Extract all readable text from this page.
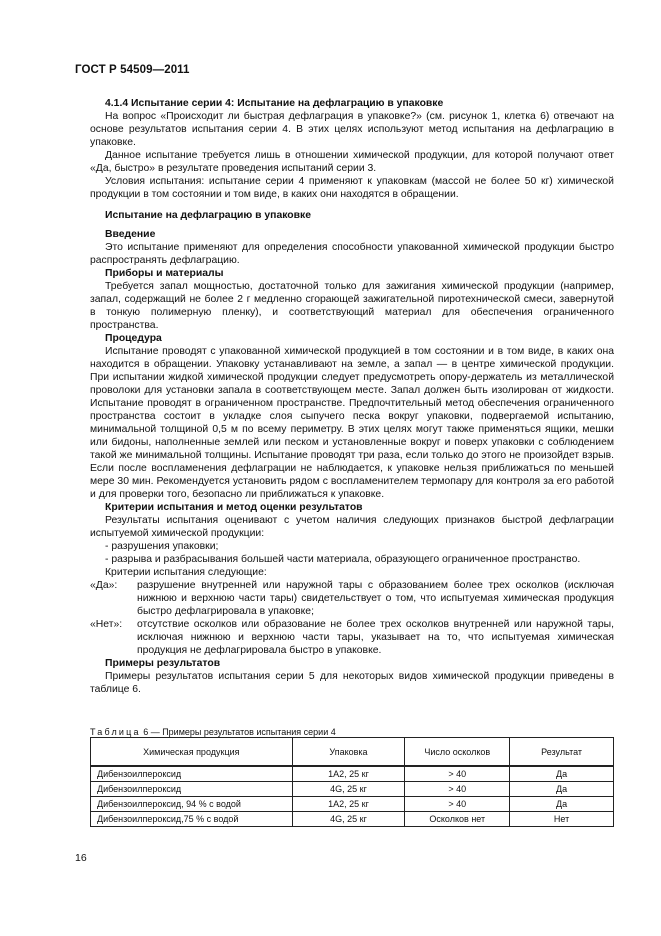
ГОСТ Р 54509—2011
4.1.4 Испытание серии 4: Испытание на дефлаграцию в упаковке

На вопрос «Происходит ли быстрая дефлаграция в упаковке?» (см. рисунок 1, клетка 6) отвечают на основе результатов испытания серии 4. В этих целях используют метод испытания на дефлаграцию в упаковке.

Данное испытание требуется лишь в отношении химической продукции, для которой получают ответ «Да, быстро» в результате проведения испытаний серии 3.

Условия испытания: испытание серии 4 применяют к упаковкам (массой не более 50 кг) химической продукции в том состоянии и том виде, в каких они находятся в обращении.

Испытание на дефлаграцию в упаковке
Введение

Это испытание применяют для определения способности упакованной химической продукции быстро распространять дефлаграцию.

Приборы и материалы

Требуется запал мощностью, достаточной только для зажигания химической продукции (например, запал, содержащий не более 2 г медленно сгорающей зажигательной пиротехнической смеси, завернутой в тонкую полимерную пленку), и соответствующий материал для обеспечения ограниченного пространства.

Процедура

Испытание проводят с упакованной химической продукцией в том состоянии и в том виде, в каких она находится в обращении. Упаковку устанавливают на земле, а запал — в центре химической продукции. При испытании жидкой химической продукции следует предусмотреть опору-держатель из металлической проволоки для установки запала в соответствующем месте. Запал должен быть изолирован от жидкости. Испытание проводят в ограниченном пространстве. Предпочтительный метод обеспечения ограниченного пространства состоит в укладке слоя сыпучего песка вокруг упаковки, подвергаемой испытанию, минимальной толщиной 0,5 м по всему периметру. В этих целях могут также применяться ящики, мешки или бидоны, наполненные землей или песком и установленные вокруг и поверх упаковки с соблюдением такой же минимальной толщины. Испытание проводят три раза, если только до этого не произойдет взрыв. Если после воспламенения дефлаграции не наблюдается, к упаковке нельзя приближаться по меньшей мере 30 мин. Рекомендуется установить рядом с воспламенителем термопару для контроля за его работой и для проверки того, безопасно ли приближаться к упаковке.

Критерии испытания и метод оценки результатов

Результаты испытания оценивают с учетом наличия следующих признаков быстрой дефлаграции испытуемой химической продукции:

- разрушения упаковки;

- разрыва и разбрасывания большей части материала, образующего ограниченное пространство.

Критерии испытания следующие:

«Да»:	разрушение внутренней или наружной тары с образованием более трех осколков (исключая нижнюю и верхнюю части тары) свидетельствует о том, что испытуемая химическая продукция быстро дефлагрировала в упаковке;

«Нет»:	отсутствие осколков или образование не более трех осколков внутренней или наружной тары, исключая нижнюю и верхнюю части тары, указывает на то, что испытуемая химическая продукция не дефлагрировала быстро в упаковке.

Примеры результатов

Примеры результатов испытания серии 5 для некоторых видов химической продукции приведены в таблице 6.

Таблица 6 — Примеры результатов испытания серии 4
Химическая продукция	Упаковка	Число осколков	Результат
Дибензоилпероксид	1А2, 25 кг	> 40	Да
Дибензоилпероксид	4G, 25 кг	> 40	Да
Дибензоилпероксид, 94 % с водой	1А2, 25 кг	> 40	Да
Дибензоилпероксид,75 % с водой	4G, 25 кг	Осколков нет	Нет
16
